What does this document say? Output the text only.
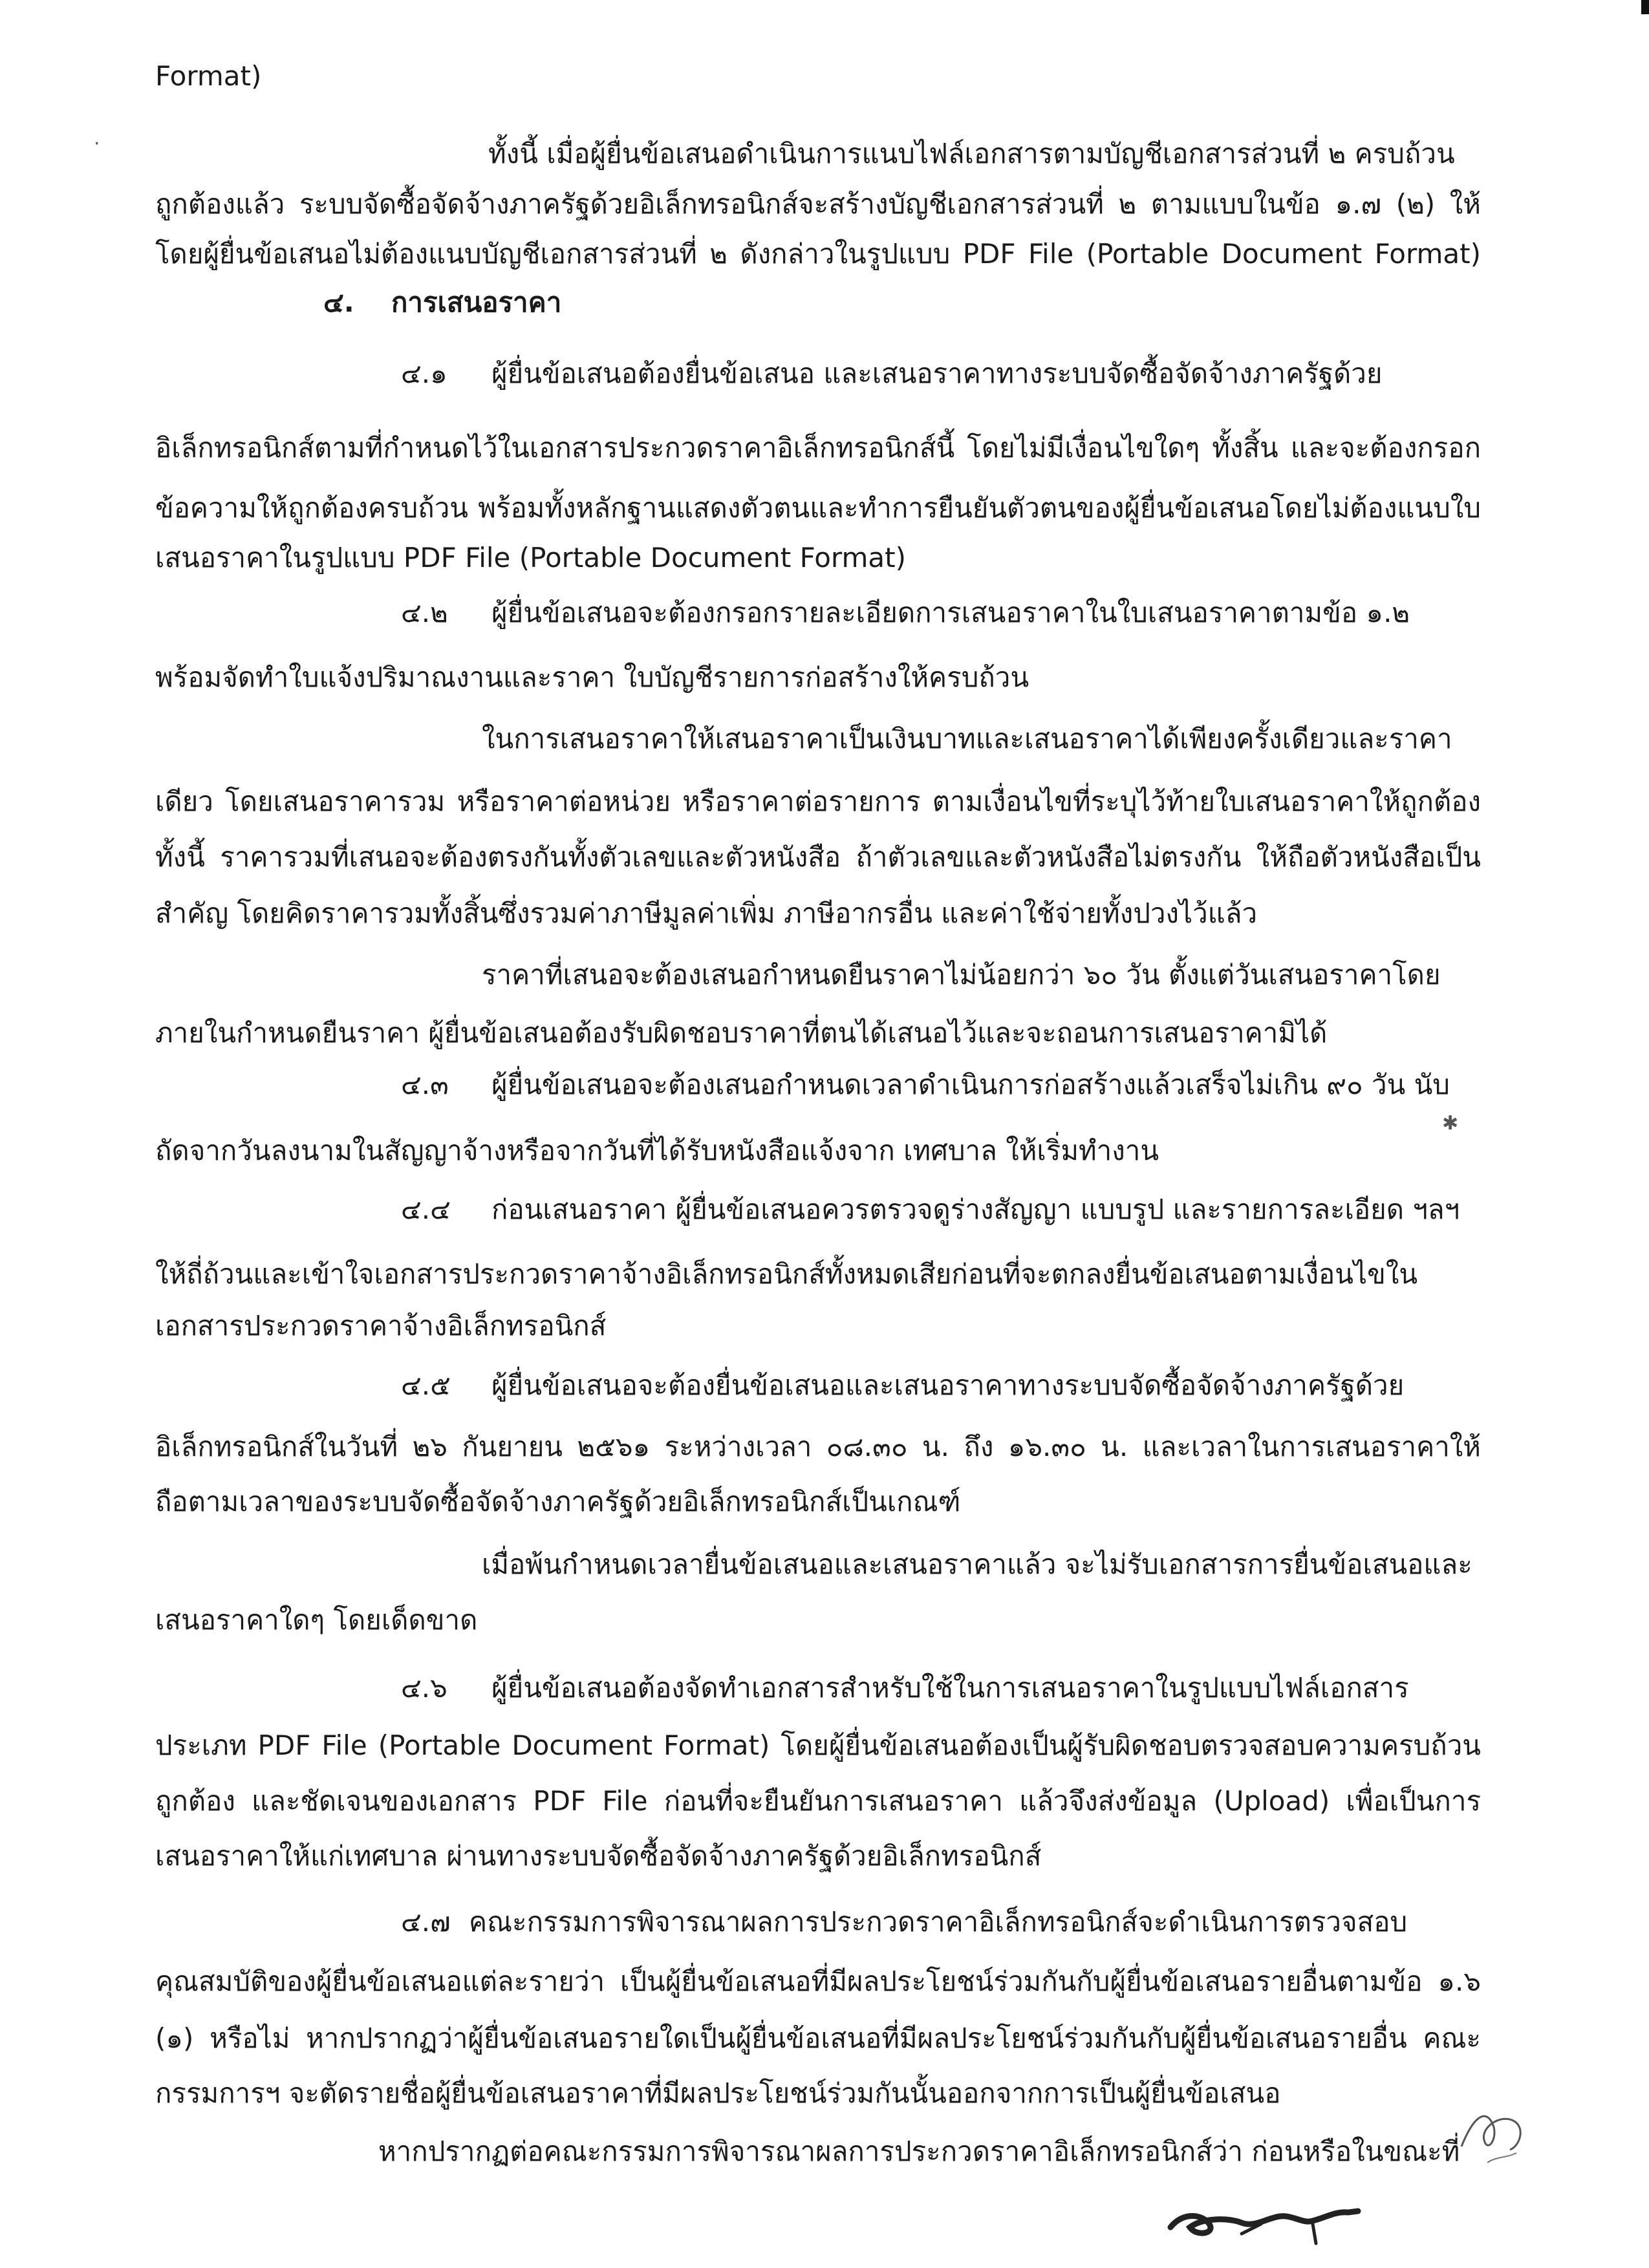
Format)
ทั้งนี้ เมื่อผู้ยื่นข้อเสนอดำเนินการแนบไฟล์เอกสารตามบัญชีเอกสารส่วนที่ ๒ ครบถ้วน
ถูกต้องแล้ว ระบบจัดซื้อจัดจ้างภาครัฐด้วยอิเล็กทรอนิกส์จะสร้างบัญชีเอกสารส่วนที่ ๒ ตามแบบในข้อ ๑.๗ (๒) ให้
โดยผู้ยื่นข้อเสนอไม่ต้องแนบบัญชีเอกสารส่วนที่ ๒ ดังกล่าวในรูปแบบ PDF File (Portable Document Format)
๔. การเสนอราคา
๔.๑ ผู้ยื่นข้อเสนอต้องยื่นข้อเสนอ และเสนอราคาทางระบบจัดซื้อจัดจ้างภาครัฐด้วย
อิเล็กทรอนิกส์ตามที่กำหนดไว้ในเอกสารประกวดราคาอิเล็กทรอนิกส์นี้ โดยไม่มีเงื่อนไขใดๆ ทั้งสิ้น และจะต้องกรอก
ข้อความให้ถูกต้องครบถ้วน พร้อมทั้งหลักฐานแสดงตัวตนและทำการยืนยันตัวตนของผู้ยื่นข้อเสนอโดยไม่ต้องแนบใบ
เสนอราคาในรูปแบบ PDF File (Portable Document Format)
๔.๒ ผู้ยื่นข้อเสนอจะต้องกรอกรายละเอียดการเสนอราคาในใบเสนอราคาตามข้อ ๑.๒
พร้อมจัดทำใบแจ้งปริมาณงานและราคา ใบบัญชีรายการก่อสร้างให้ครบถ้วน
ในการเสนอราคาให้เสนอราคาเป็นเงินบาทและเสนอราคาได้เพียงครั้งเดียวและราคา
เดียว โดยเสนอราคารวม หรือราคาต่อหน่วย หรือราคาต่อรายการ ตามเงื่อนไขที่ระบุไว้ท้ายใบเสนอราคาให้ถูกต้อง
ทั้งนี้ ราคารวมที่เสนอจะต้องตรงกันทั้งตัวเลขและตัวหนังสือ ถ้าตัวเลขและตัวหนังสือไม่ตรงกัน ให้ถือตัวหนังสือเป็น
สำคัญ โดยคิดราคารวมทั้งสิ้นซึ่งรวมค่าภาษีมูลค่าเพิ่ม ภาษีอากรอื่น และค่าใช้จ่ายทั้งปวงไว้แล้ว
ราคาที่เสนอจะต้องเสนอกำหนดยืนราคาไม่น้อยกว่า ๖๐ วัน ตั้งแต่วันเสนอราคาโดย
ภายในกำหนดยืนราคา ผู้ยื่นข้อเสนอต้องรับผิดชอบราคาที่ตนได้เสนอไว้และจะถอนการเสนอราคามิได้
๔.๓ ผู้ยื่นข้อเสนอจะต้องเสนอกำหนดเวลาดำเนินการก่อสร้างแล้วเสร็จไม่เกิน ๙๐ วัน นับ
ถัดจากวันลงนามในสัญญาจ้างหรือจากวันที่ได้รับหนังสือแจ้งจาก เทศบาล ให้เริ่มทำงาน
๔.๔ ก่อนเสนอราคา ผู้ยื่นข้อเสนอควรตรวจดูร่างสัญญา แบบรูป และรายการละเอียด ฯลฯ
ให้ถี่ถ้วนและเข้าใจเอกสารประกวดราคาจ้างอิเล็กทรอนิกส์ทั้งหมดเสียก่อนที่จะตกลงยื่นข้อเสนอตามเงื่อนไขใน
เอกสารประกวดราคาจ้างอิเล็กทรอนิกส์
๔.๕ ผู้ยื่นข้อเสนอจะต้องยื่นข้อเสนอและเสนอราคาทางระบบจัดซื้อจัดจ้างภาครัฐด้วย
อิเล็กทรอนิกส์ในวันที่ ๒๖ กันยายน ๒๕๖๑ ระหว่างเวลา ๐๘.๓๐ น. ถึง ๑๖.๓๐ น. และเวลาในการเสนอราคาให้
ถือตามเวลาของระบบจัดซื้อจัดจ้างภาครัฐด้วยอิเล็กทรอนิกส์เป็นเกณฑ์
เมื่อพ้นกำหนดเวลายื่นข้อเสนอและเสนอราคาแล้ว จะไม่รับเอกสารการยื่นข้อเสนอและ
เสนอราคาใดๆ โดยเด็ดขาด
๔.๖ ผู้ยื่นข้อเสนอต้องจัดทำเอกสารสำหรับใช้ในการเสนอราคาในรูปแบบไฟล์เอกสาร
ประเภท PDF File (Portable Document Format) โดยผู้ยื่นข้อเสนอต้องเป็นผู้รับผิดชอบตรวจสอบความครบถ้วน
ถูกต้อง และชัดเจนของเอกสาร PDF File ก่อนที่จะยืนยันการเสนอราคา แล้วจึงส่งข้อมูล (Upload) เพื่อเป็นการ
เสนอราคาให้แก่เทศบาล ผ่านทางระบบจัดซื้อจัดจ้างภาครัฐด้วยอิเล็กทรอนิกส์
๔.๗ คณะกรรมการพิจารณาผลการประกวดราคาอิเล็กทรอนิกส์จะดำเนินการตรวจสอบ
คุณสมบัติของผู้ยื่นข้อเสนอแต่ละรายว่า เป็นผู้ยื่นข้อเสนอที่มีผลประโยชน์ร่วมกันกับผู้ยื่นข้อเสนอรายอื่นตามข้อ ๑.๖
(๑) หรือไม่ หากปรากฏว่าผู้ยื่นข้อเสนอรายใดเป็นผู้ยื่นข้อเสนอที่มีผลประโยชน์ร่วมกันกับผู้ยื่นข้อเสนอรายอื่น คณะ
กรรมการฯ จะตัดรายชื่อผู้ยื่นข้อเสนอราคาที่มีผลประโยชน์ร่วมกันนั้นออกจากการเป็นผู้ยื่นข้อเสนอ
หากปรากฏต่อคณะกรรมการพิจารณาผลการประกวดราคาอิเล็กทรอนิกส์ว่า ก่อนหรือในขณะที่
·
✱
